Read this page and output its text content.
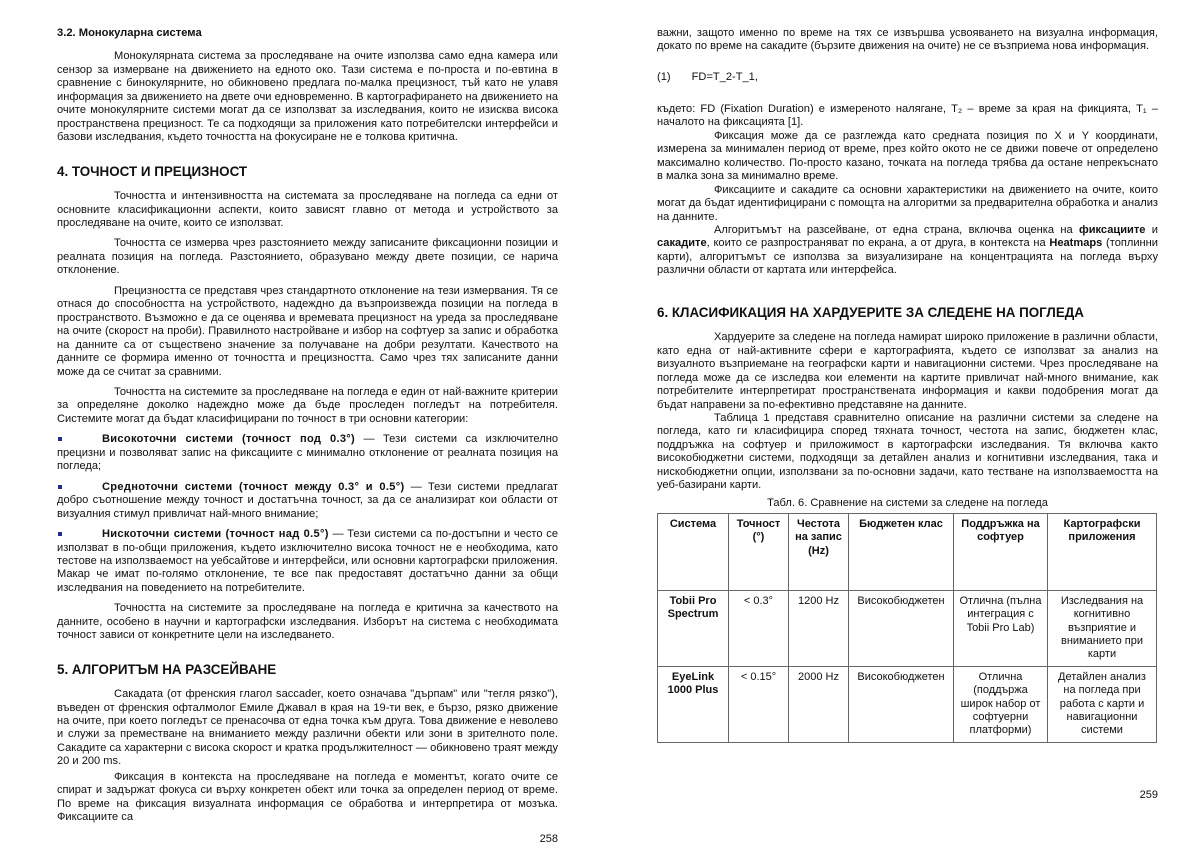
3.2. Монокуларна система

Монокулярната система за проследяване на очите използва само една камера или сензор за измерване на движението на едното око. Тази система е по-проста и по-евтина в сравнение с бинокулярните, но обикновено предлага по-малка прецизност, тъй като не улавя информация за движението на двете очи едновременно. В картографирането на движението на очите монокулярните системи могат да се използват за изследвания, които не изисква висока пространствена прецизност. Те са подходящи за приложения като потребителски интерфейси и базови изследвания, където точността на фокусиране не е толкова критична.

4. ТОЧНОСТ И ПРЕЦИЗНОСТ

Точността и интензивността на системата за проследяване на погледа са едни от основните класификационни аспекти, които зависят главно от метода и устройството за проследяване на очите, които се използват.

Точността се измерва чрез разстоянието между записаните фиксационни позиции и реалната позиция на погледа. Разстоянието, образувано между двете позиции, се нарича отклонение.

Прецизността се представя чрез стандартното отклонение на тези измервания. Тя се отнася до способността на устройството, надеждно да възпроизвежда позиции на погледа в пространството. Възможно е да се оценява и времевата прецизност на уреда за проследяване на очите (скорост на проби). Правилното настройване и избор на софтуер за запис и обработка на данните са от съществено значение за получаване на добри резултати. Качеството на данните се формира именно от точността и прецизността. Само чрез тях записаните данни може да се считат за сравними.

Точността на системите за проследяване на погледа е един от най-важните критерии за определяне доколко надеждно може да бъде проследен погледът на потребителя. Системите могат да бъдат класифицирани по точност в три основни категории:

Високоточни системи (точност под 0.3°) — Тези системи са изключително прецизни и позволяват запис на фиксациите с минимално отклонение от реалната позиция на погледа;

Средноточни системи (точност между 0.3° и 0.5°) — Тези системи предлагат добро съотношение между точност и достатъчна точност, за да се анализират кои области от визуалния стимул привличат най-много внимание;

Нискоточни системи (точност над 0.5°) — Тези системи са по-достъпни и често се използват в по-общи приложения, където изключително висока точност не е необходима, като тестове на използваемост на уебсайтове и интерфейси, или основни картографски приложения. Макар че имат по-голямо отклонение, те все пак предоставят достатъчно данни за общи изследвания на поведението на потребителите.

Точността на системите за проследяване на погледа е критична за качеството на данните, особено в научни и картографски изследвания. Изборът на система с необходимата точност зависи от конкретните цели на изследването.

5. АЛГОРИТЪМ НА РАЗСЕЙВАНЕ

Сакадата (от френския глагол saccader, което означава "дърпам" или "тегля рязко"), въведен от френския офталмолог Емиле Джавал в края на 19-ти век, е бързо, рязко движение на очите, при което погледът се пренасочва от една точка към друга. Това движение е неволево и служи за преместване на вниманието между различни обекти или зони в зрителното поле. Сакадите са характерни с висока скорост и кратка продължителност — обикновено траят между 20 и 200 ms.

Фиксация в контекста на проследяване на погледа е моментът, когато очите се спират и задържат фокуса си върху конкретен обект или точка за определен период от време. По време на фиксация визуалната информация се обработва и интерпретира от мозъка. Фиксациите са

258

важни, защото именно по време на тях се извършва усвояването на визуална информация, докато по време на сакадите (бързите движения на очите) не се възприема нова информация.

(1) FD=T_2-T_1,

където: FD (Fixation Duration) е измереното налягане, T₂ – време за края на фикцията, T₁ – началото на фиксацията [1].

Фиксация може да се разглежда като средната позиция по X и Y координати, измерена за минимален период от време, през който окото не се движи повече от определено максимално количество. По-просто казано, точката на погледа трябва да остане непрекъснато в малка зона за минимално време.

Фиксациите и сакадите са основни характеристики на движението на очите, които могат да бъдат идентифицирани с помощта на алгоритми за предварителна обработка и анализ на данните.

Алгоритъмът на разсейване, от една страна, включва оценка на фиксациите и сакадите, които се разпространяват по екрана, а от друга, в контекста на Heatmaps (топлинни карти), алгоритъмът се използва за визуализиране на концентрацията на погледа върху различни области от картата или интерфейса.

6. КЛАСИФИКАЦИЯ НА ХАРДУЕРИТЕ ЗА СЛЕДЕНЕ НА ПОГЛЕДА

Хардуерите за следене на погледа намират широко приложение в различни области, като една от най-активните сфери е картографията, където се използват за анализ на визуалното възприемане на географски карти и навигационни системи. Чрез проследяване на погледа може да се изследва кои елементи на картите привличат най-много внимание, как потребителите интерпретират пространствената информация и какви подобрения могат да бъдат направени за по-ефективно представяне на данните.

Таблица 1 представя сравнително описание на различни системи за следене на погледа, като ги класифицира според тяхната точност, честота на запис, бюджетен клас, поддръжка на софтуер и приложимост в картографски изследвания. Тя включва както високобюджетни системи, подходящи за детайлен анализ и когнитивни изследвания, така и нискобюджетни опции, използвани за по-основни задачи, като тестване на използваемостта на уеб-базирани карти.

Табл. 6. Сравнение на системи за следене на погледа
Система	Точност (°)	Честота на запис (Hz)	Бюджетен клас	Поддръжка на софтуер	Картографски приложения
Tobii Pro Spectrum	< 0.3°	1200 Hz	Високобюджетен	Отлична (пълна интеграция с Tobii Pro Lab)	Изследвания на когнитивно възприятие и вниманието при карти
EyeLink 1000 Plus	< 0.15°	2000 Hz	Високобюджетен	Отлична (поддържа широк набор от софтуерни платформи)	Детайлен анализ на погледа при работа с карти и навигационни системи
259
